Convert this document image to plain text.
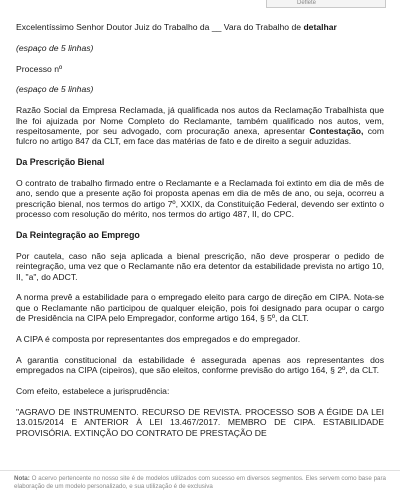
Deflete

Excelentíssimo Senhor Doutor Juiz do Trabalho da __ Vara do Trabalho de detalhar

(espaço de 5 linhas)

Processo nº

(espaço de 5 linhas)

Razão Social da Empresa Reclamada, já qualificada nos autos da Reclamação Trabalhista que lhe foi ajuizada por Nome Completo do Reclamante, também qualificado nos autos, vem, respeitosamente, por seu advogado, com procuração anexa, apresentar Contestação, com fulcro no artigo 847 da CLT, em face das matérias de fato e de direito a seguir aduzidas.

Da Prescrição Bienal

O contrato de trabalho firmado entre o Reclamante e a Reclamada foi extinto em dia de mês de ano, sendo que a presente ação foi proposta apenas em dia de mês de ano, ou seja, ocorreu a prescrição bienal, nos termos do artigo 7º, XXIX, da Constituição Federal, devendo ser extinto o processo com resolução do mérito, nos termos do artigo 487, II, do CPC.

Da Reintegração ao Emprego

Por cautela, caso não seja aplicada a bienal prescrição, não deve prosperar o pedido de reintegração, uma vez que o Reclamante não era detentor da estabilidade prevista no artigo 10, II, "a", do ADCT.

A norma prevê a estabilidade para o empregado eleito para cargo de direção em CIPA. Nota-se que o Reclamante não participou de qualquer eleição, pois foi designado para ocupar o cargo de Presidência na CIPA pelo Empregador, conforme artigo 164, § 5º, da CLT.

A CIPA é composta por representantes dos empregados e do empregador.

A garantia constitucional da estabilidade é assegurada apenas aos representantes dos empregados na CIPA (cipeiros), que são eleitos, conforme previsão do artigo 164, § 2º, da CLT.

Com efeito, estabelece a jurisprudência:

"AGRAVO DE INSTRUMENTO. RECURSO DE REVISTA. PROCESSO SOB A ÉGIDE DA LEI 13.015/2014 E ANTERIOR À LEI 13.467/2017. MEMBRO DE CIPA. ESTABILIDADE PROVISÓRIA. EXTINÇÃO DO CONTRATO DE PRESTAÇÃO DE

Nota: O acervo pertencente no nosso site é de modelos utilizados com sucesso em diversos segmentos. Eles servem como base para elaboração de um modelo personalizado, e sua utilização é de exclusiva
